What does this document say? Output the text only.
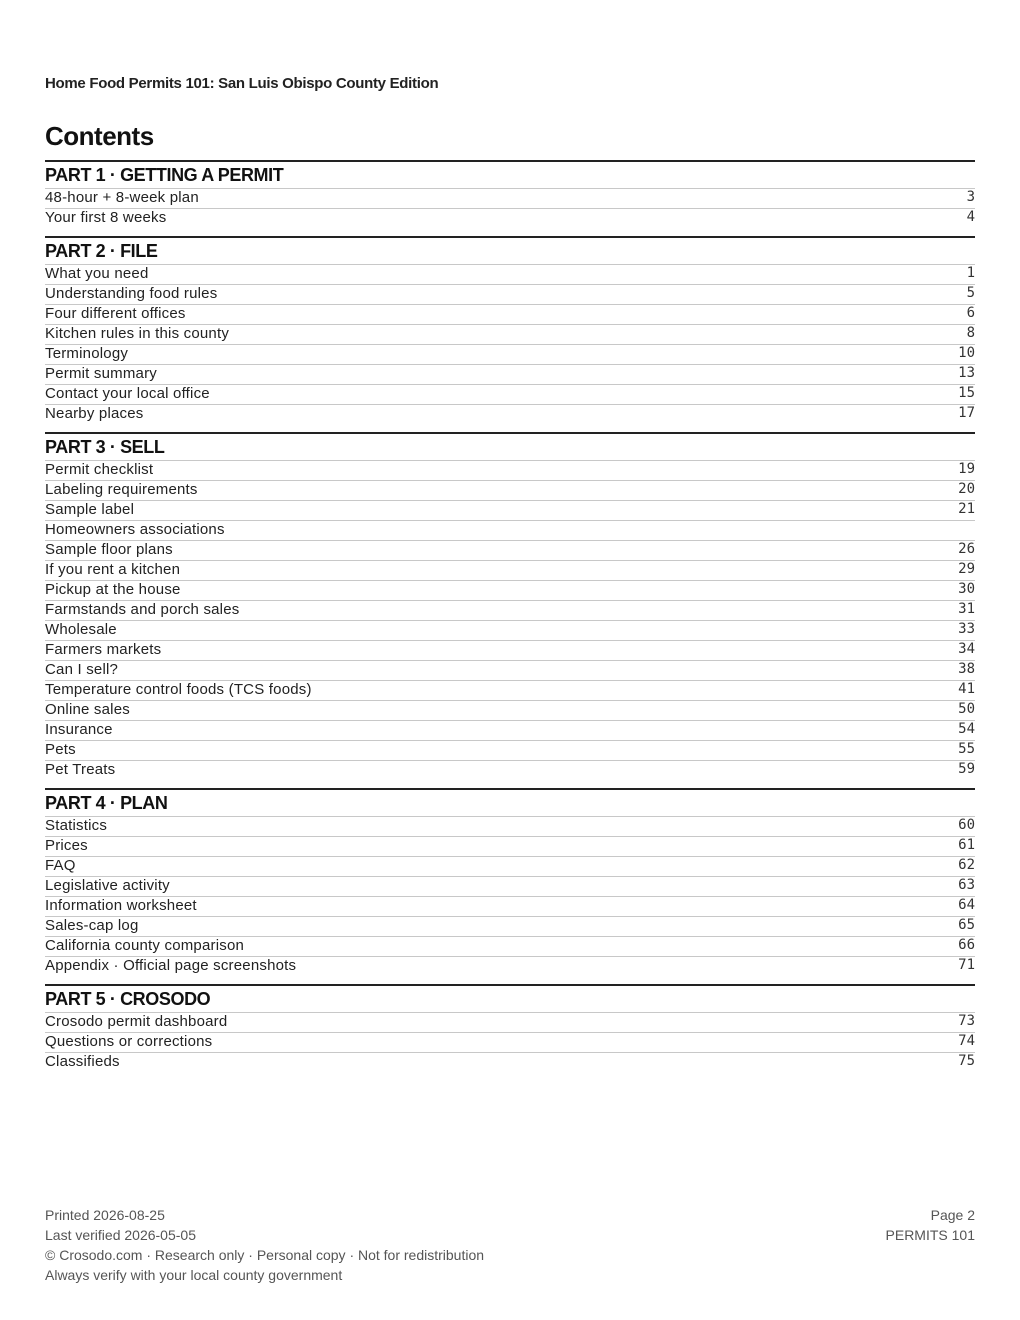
Home Food Permits 101: San Luis Obispo County Edition
Contents
PART 1 · GETTING A PERMIT
48-hour + 8-week plan	3
Your first 8 weeks	4
PART 2 · FILE
What you need	1
Understanding food rules	5
Four different offices	6
Kitchen rules in this county	8
Terminology	10
Permit summary	13
Contact your local office	15
Nearby places	17
PART 3 · SELL
Permit checklist	19
Labeling requirements	20
Sample label	21
Homeowners associations
Sample floor plans	26
If you rent a kitchen	29
Pickup at the house	30
Farmstands and porch sales	31
Wholesale	33
Farmers markets	34
Can I sell?	38
Temperature control foods (TCS foods)	41
Online sales	50
Insurance	54
Pets	55
Pet Treats	59
PART 4 · PLAN
Statistics	60
Prices	61
FAQ	62
Legislative activity	63
Information worksheet	64
Sales-cap log	65
California county comparison	66
Appendix · Official page screenshots	71
PART 5 · CROSODO
Crosodo permit dashboard	73
Questions or corrections	74
Classifieds	75
Printed 2026-08-25
Last verified 2026-05-05
© Crosodo.com · Research only · Personal copy · Not for redistribution
Always verify with your local county government
Page 2
PERMITS 101
